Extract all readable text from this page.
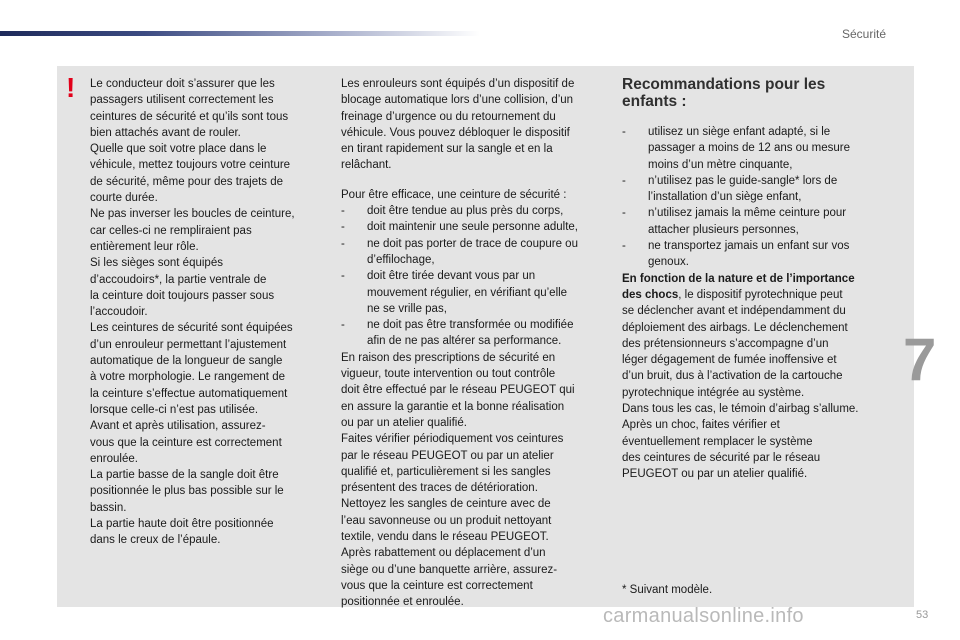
Sécurité
! Le conducteur doit s’assurer que les
passagers utilisent correctement les
ceintures de sécurité et qu’ils sont tous
bien attachés avant de rouler.
Quelle que soit votre place dans le
véhicule, mettez toujours votre ceinture
de sécurité, même pour des trajets de
courte durée.
Ne pas inverser les boucles de ceinture,
car celles-ci ne rempliraient pas
entièrement leur rôle.
Si les sièges sont équipés
d’accoudoirs*, la partie ventrale de
la ceinture doit toujours passer sous
l’accoudoir.
Les ceintures de sécurité sont équipées
d’un enrouleur permettant l’ajustement
automatique de la longueur de sangle
à votre morphologie. Le rangement de
la ceinture s’effectue automatiquement
lorsque celle-ci n’est pas utilisée.
Avant et après utilisation, assurez-
vous que la ceinture est correctement
enroulée.
La partie basse de la sangle doit être
positionnée le plus bas possible sur le
bassin.
La partie haute doit être positionnée
dans le creux de l’épaule.
Les enrouleurs sont équipés d’un dispositif de
blocage automatique lors d’une collision, d’un
freinage d’urgence ou du retournement du
véhicule. Vous pouvez débloquer le dispositif
en tirant rapidement sur la sangle et en la
relâchant.
Pour être efficace, une ceinture de sécurité :
- doit être tendue au plus près du corps,
- doit maintenir une seule personne adulte,
- ne doit pas porter de trace de coupure ou
d’effilochage,
- doit être tirée devant vous par un
mouvement régulier, en vérifiant qu’elle
ne se vrille pas,
- ne doit pas être transformée ou modifiée
afin de ne pas altérer sa performance.
En raison des prescriptions de sécurité en
vigueur, toute intervention ou tout contrôle
doit être effectué par le réseau PEUGEOT qui
en assure la garantie et la bonne réalisation
ou par un atelier qualifié.
Faites vérifier périodiquement vos ceintures
par le réseau PEUGEOT ou par un atelier
qualifié et, particulièrement si les sangles
présentent des traces de détérioration.
Nettoyez les sangles de ceinture avec de
l’eau savonneuse ou un produit nettoyant
textile, vendu dans le réseau PEUGEOT.
Après rabattement ou déplacement d’un
siège ou d’une banquette arrière, assurez-
vous que la ceinture est correctement
positionnée et enroulée.
Recommandations pour les
enfants :
- utilisez un siège enfant adapté, si le
passager a moins de 12 ans ou mesure
moins d’un mètre cinquante,
- n’utilisez pas le guide-sangle* lors de
l’installation d’un siège enfant,
- n’utilisez jamais la même ceinture pour
attacher plusieurs personnes,
- ne transportez jamais un enfant sur vos
genoux.
En fonction de la nature et de l’importance
des chocs, le dispositif pyrotechnique peut
se déclencher avant et indépendamment du
déploiement des airbags. Le déclenchement
des prétensionneurs s’accompagne d’un
léger dégagement de fumée inoffensive et
d’un bruit, dus à l’activation de la cartouche
pyrotechnique intégrée au système.
Dans tous les cas, le témoin d’airbag s’allume.
Après un choc, faites vérifier et
éventuellement remplacer le système
des ceintures de sécurité par le réseau
PEUGEOT ou par un atelier qualifié.
* Suivant modèle.
7
carmanualsonline.info	53
